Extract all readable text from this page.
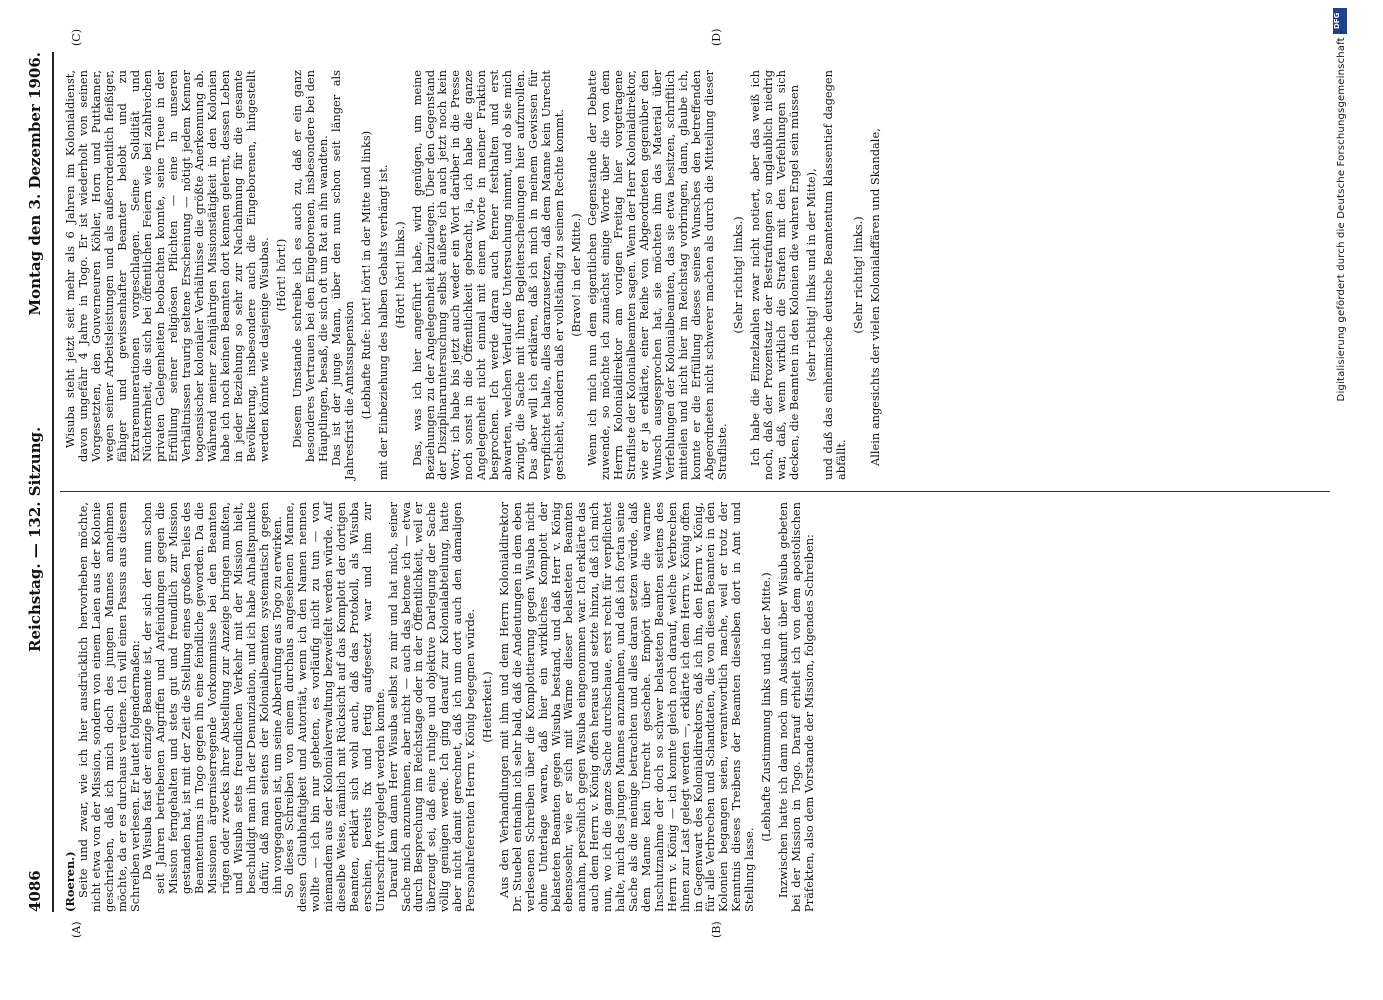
4086
Reichstag. — 132. Sitzung.
Montag den 3. Dezember 1906.
(A)	(B)
(C)	(D)

(Roeren.)

Seite und zwar, wie ich hier ausdrücklich hervorheben möchte, nicht etwa von der Mission, sondern von einem Laien aus der Kolonie geschrieben, daß ich mich doch des jungen Mannes annehmen möchte, da er es durchaus verdiene. Ich will einen Passus aus diesem Schreiben verlesen. Er lautet folgendermaßen:

Da Wisuba fast der einzige Beamte ist, der sich der nun schon seit Jahren betriebenen Angriffen und Anfeindungen gegen die Mission ferngehalten und stets gut und freundlich zur Mission gestanden hat, ist mit der Zeit die Stellung eines großen Teiles des Beamtentums in Togo gegen ihn eine feindliche geworden. Da die Missionen ärgerniserregende Vorkommnisse bei den Beamten rügen oder zwecks ihrer Abstellung zur Anzeige bringen mußten, und Wisuba stets freundlichen Verkehr mit der Mission hielt, beschuldigt man ihn der Denunziation, und ich habe Anhaltspunkte dafür, daß man seitens der Kolonialbeamten systematisch gegen ihn vorgegangen ist, um seine Abberufung aus Togo zu erwirken.

So dieses Schreiben von einem durchaus angesehenen Manne, dessen Glaubhaftigkeit und Autorität, wenn ich den Namen nennen wollte — ich bin nur gebeten, es vorläufig nicht zu tun — von niemandem aus der Kolonialverwaltung bezweifelt werden würde. Auf dieselbe Weise, nämlich mit Rücksicht auf das Komplott der dortigen Beamten, erklärt sich wohl auch, daß das Protokoll, als Wisuba erschien, bereits fix und fertig aufgesetzt war und ihm zur Unterschrift vorgelegt werden konnte.

Darauf kam dann Herr Wisuba selbst zu mir und hat mich, seiner Sache mich anzunehmen, aber nicht — auch das betone ich — etwa durch Besprechung im Reichstage oder in der Öffentlichkeit, weil er überzeugt sei, daß eine ruhige und objektive Darlegung der Sache völlig genügen werde. Ich ging darauf zur Kolonialabteilung, hatte aber nicht damit gerechnet, daß ich nun dort auch den damaligen Personalreferenten Herrn v. König begegnen würde. (Heiterkeit.) Aus den Verhandlungen mit ihm und dem Herrn Kolonialdirektor Dr. Stuebel entnahm ich sehr bald, daß die Andeutungen in dem eben verlesenen Schreiben über die Komplottierung gegen Wisuba nicht ohne Unterlage waren, daß hier ein wirkliches Komplott der belasteten Beamten gegen Wisuba bestand, und daß Herr v. König ebensosehr, wie er sich mit Wärme dieser belasteten Beamten annahm, persönlich gegen Wisuba eingenommen war. Ich erklärte das auch dem Herrn v. König offen heraus und setzte hinzu, daß ich mich nun, wo ich die ganze Sache durchschaue, erst recht für verpflichtet halte, mich des jungen Mannes anzunehmen, und daß ich fortan seine Sache als die meinige betrachten und alles daran setzen würde, daß dem Manne kein Unrecht geschehe. Empört über die warme Inschutznahme der doch so schwer belasteten Beamten seitens des Herrn v. König — ich konnte gleich noch darauf, welche Verbrechen ihnen zur Last gelegt werden —, erklärte ich dem Herrn v. König offen in Gegenwart des Kolonialdirektors, daß ich ihn, den Herrn v. König, für alle Verbrechen und Schandtaten, die von diesen Beamten in den Kolonien begangen seien, verantwortlich mache, weil er trotz der Kenntnis dieses Treibens der Beamten dieselben dort in Amt und Stellung lasse.

(Lebhafte Zustimmung links und in der Mitte.) Inzwischen hatte ich dann noch um Auskunft über Wisuba gebeten bei der Mission in Togo. Darauf erhielt ich von dem apostolischen Präfekten, also dem Vorstande der Mission, folgendes Schreiben:

Wisuba steht jetzt seit mehr als 6 Jahren im Kolonialdienst, davon ungefähr 4 Jahre in Togo. Er ist wiederholt von seinen Vorgesetzten, den Gouverneuren Köhler, Horn und Puttkamer, wegen seiner Arbeitsleistungen und als außerordentlich fleißiger, fähiger und gewissenhafter Beamter belobt und zu Extraremunerationen vorgeschlagen. Seine Solidität und Nüchternheit, die sich bei öffentlichen Feiern wie bei zahlreichen privaten Gelegenheiten beobachten konnte, seine Treue in der Erfüllung seiner religiösen Pflichten — eine in unseren Verhältnissen traurig seltene Erscheinung — nötigt jedem Kenner togoensischer kolonialer Verhältnisse die größte Anerkennung ab. Während meiner zehnjährigen Missionstätigkeit in den Kolonien habe ich noch keinen Beamten dort kennen gelernt, dessen Leben in jeder Beziehung so sehr zur Nachahmung für die gesamte Bevölkerung, insbesondere auch die Eingeborenen, hingestellt werden könnte wie dasjenige Wisubas. (Hört! hört!) Diesem Umstande schreibe ich es auch zu, daß er ein ganz besonderes Vertrauen bei den Eingeborenen, insbesondere bei den Häuptlingen, besaß, die sich oft um Rat an ihn wandten.

Das ist der junge Mann, über den nun schon seit länger als Jahresfrist die Amtssuspension (Lebhafte Rufe: hört! hört! in der Mitte und links) mit der Einbeziehung des halben Gehalts verhängt ist. (Hört! hört! links.) Das, was ich hier angeführt habe, wird genügen, um meine Beziehungen zu der Angelegenheit klarzulegen. Über den Gegenstand der Disziplinaruntersuchung selbst äußere ich auch jetzt noch kein Wort; ich habe bis jetzt auch weder ein Wort darüber in die Presse noch sonst in die Öffentlichkeit gebracht, ja, ich habe die ganze Angelegenheit nicht einmal mit einem Worte in meiner Fraktion besprochen. Ich werde daran auch ferner festhalten und erst abwarten, welchen Verlauf die Untersuchung nimmt, und ob sie mich zwingt, die Sache mit ihren Begleiterscheinungen hier aufzurollen. Das aber will ich erklären, daß ich mich in meinem Gewissen für verpflichtet halte, alles daranzusetzen, daß dem Manne kein Unrecht geschieht, sondern daß er vollständig zu seinem Rechte kommt. (Bravo! in der Mitte.) Wenn ich mich nun dem eigentlichen Gegenstande der Debatte zuwende, so möchte ich zunächst einige Worte über die von dem Herrn Kolonialdirektor am vorigen Freitag hier vorgetragene Strafliste der Kolonialbeamten sagen. Wenn der Herr Kolonialdirektor, wie er ja erklärte, einer Reihe von Abgeordneten gegenüber den Wunsch ausgesprochen hat, sie möchten ihm das Material über Verfehlungen der Kolonialbeamten, das sie etwa besitzen, schriftlich mitteilen und nicht hier im Reichstag vorbringen, dann, glaube ich, konnte er die Erfüllung dieses seines Wunsches den betreffenden Abgeordneten nicht schwerer machen als durch die Mitteilung dieser Strafliste.

(Sehr richtig! links.) Ich habe die Einzelzahlen zwar nicht notiert, aber das weiß ich noch, daß der Prozentsatz der Bestrafungen so unglaublich niedrig war, daß, wenn wirklich die Strafen mit den Verfehlungen sich decken, die Beamten in den Kolonien die wahren Engel sein müssen (sehr richtig! links und in der Mitte), und daß das einheimische deutsche Beamtentum klassentief dagegen abfällt.

(Sehr richtig! links.) Allein angesichts der vielen Kolonialaffären und Skandale,

DFG
Digitalisierung gefördert durch die Deutsche Forschungsgemeinschaft -
